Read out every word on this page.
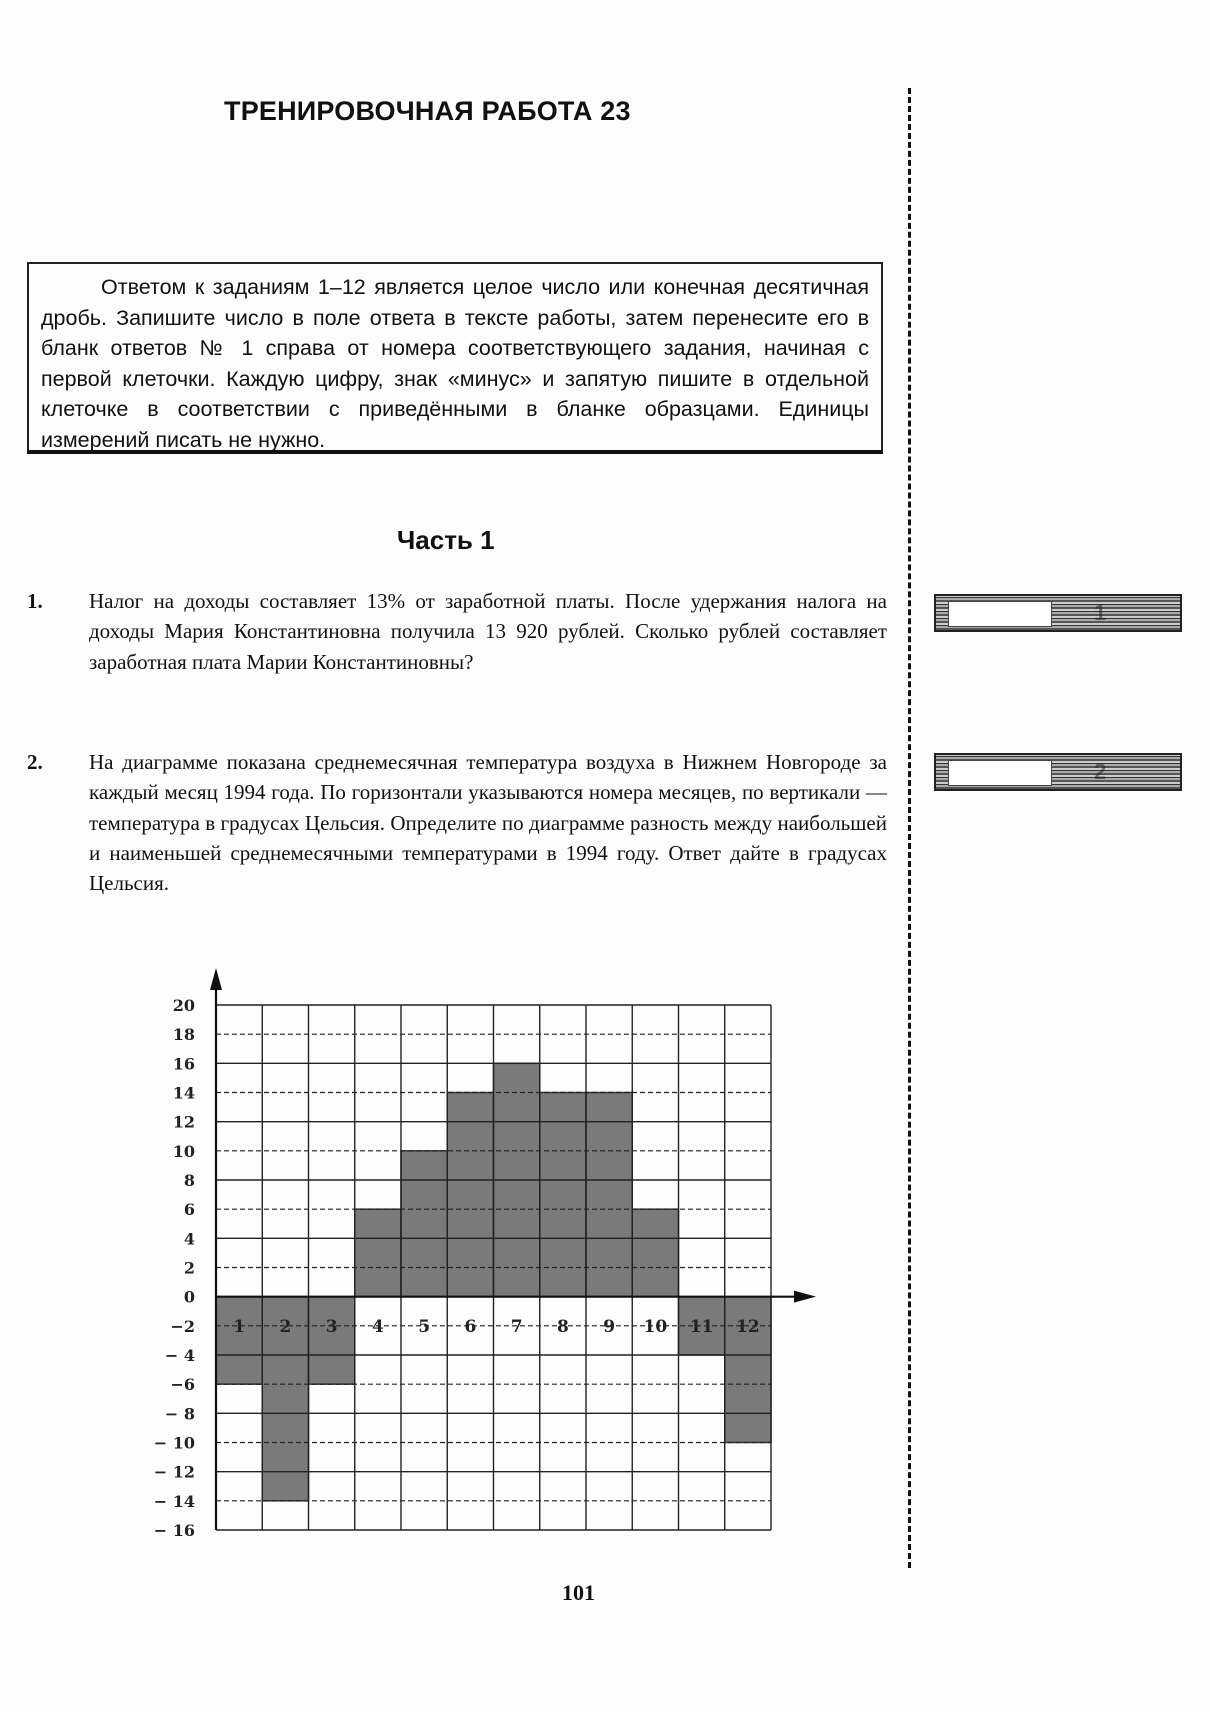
ТРЕНИРОВОЧНАЯ РАБОТА 23

Ответом к заданиям 1–12 является целое число или конечная десятичная дробь. Запишите число в поле ответа в тексте работы, затем перенесите его в бланк ответов № 1 справа от номера соответствующего задания, начиная с первой клеточки. Каждую цифру, знак «минус» и запятую пишите в отдельной клеточке в соответствии с приведёнными в бланке образцами. Единицы измерений писать не нужно.

Часть 1
1. Налог на доходы составляет 13% от заработной платы. После удержания налога на доходы Мария Константиновна получила 13 920 рублей. Сколько рублей составляет заработная плата Марии Константиновны?
2. На диаграмме показана среднемесячная температура воздуха в Нижнем Новгороде за каждый месяц 1994 года. По горизонтали указываются номера месяцев, по вертикали — температура в градусах Цельсия. Определите по диаграмме разность между наибольшей и наименьшей среднемесячными температурами в 1994 году. Ответ дайте в градусах Цельсия.
1
2
20
18
16
14
12
10
8
6
4
2
0
−2
− 4
−6
− 8
− 10
− 12
− 14
− 16
1 2 3 4 5 6 7 8 9 10 11 12
101
